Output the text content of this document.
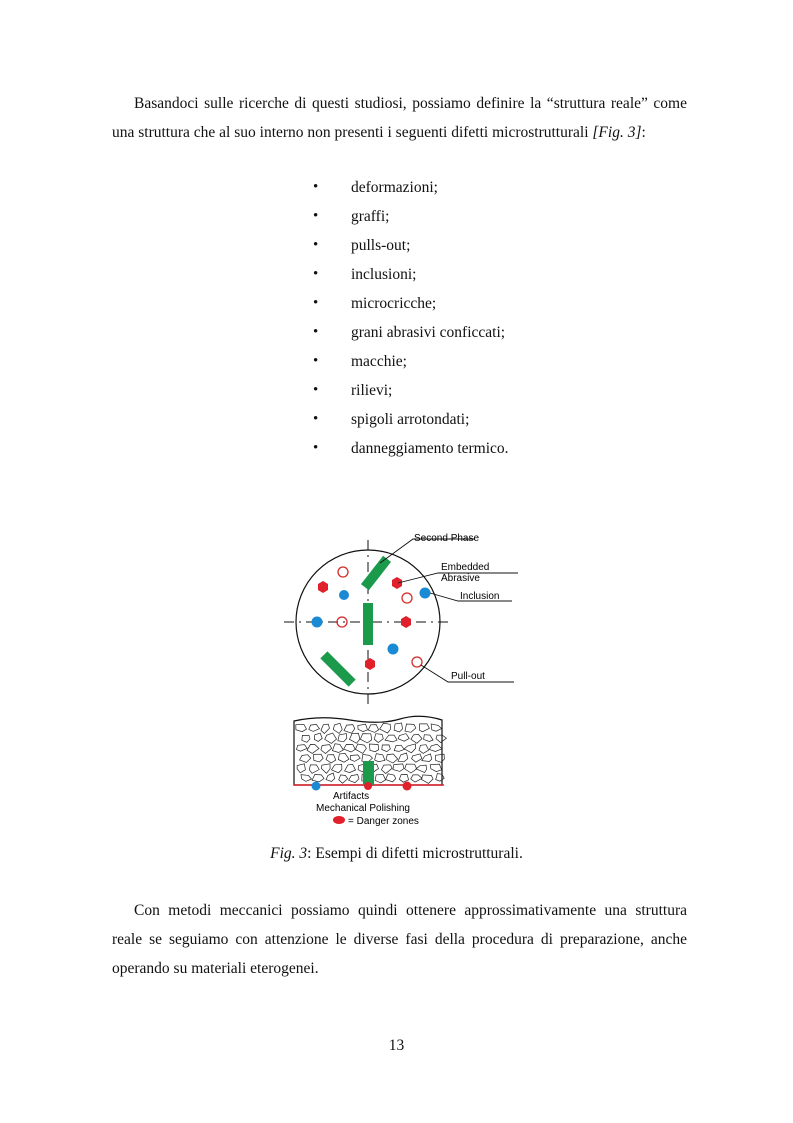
Basandoci sulle ricerche di questi studiosi, possiamo definire la “struttura reale” come
una struttura che al suo interno non presenti i seguenti difetti microstrutturali [Fig. 3]:
• deformazioni;
• graffi;
• pulls-out;
• inclusioni;
• microcricche;
• grani abrasivi conficcati;
• macchie;
• rilievi;
• spigoli arrotondati;
• danneggiamento termico.
Second Phase
Embedded
Abrasive
Inclusion
Pull-out
Artifacts
Mechanical Polishing
= Danger zones
Fig. 3: Esempi di difetti microstrutturali.
Con metodi meccanici possiamo quindi ottenere approssimativamente una struttura
reale se seguiamo con attenzione le diverse fasi della procedura di preparazione, anche
operando su materiali eterogenei.
13
